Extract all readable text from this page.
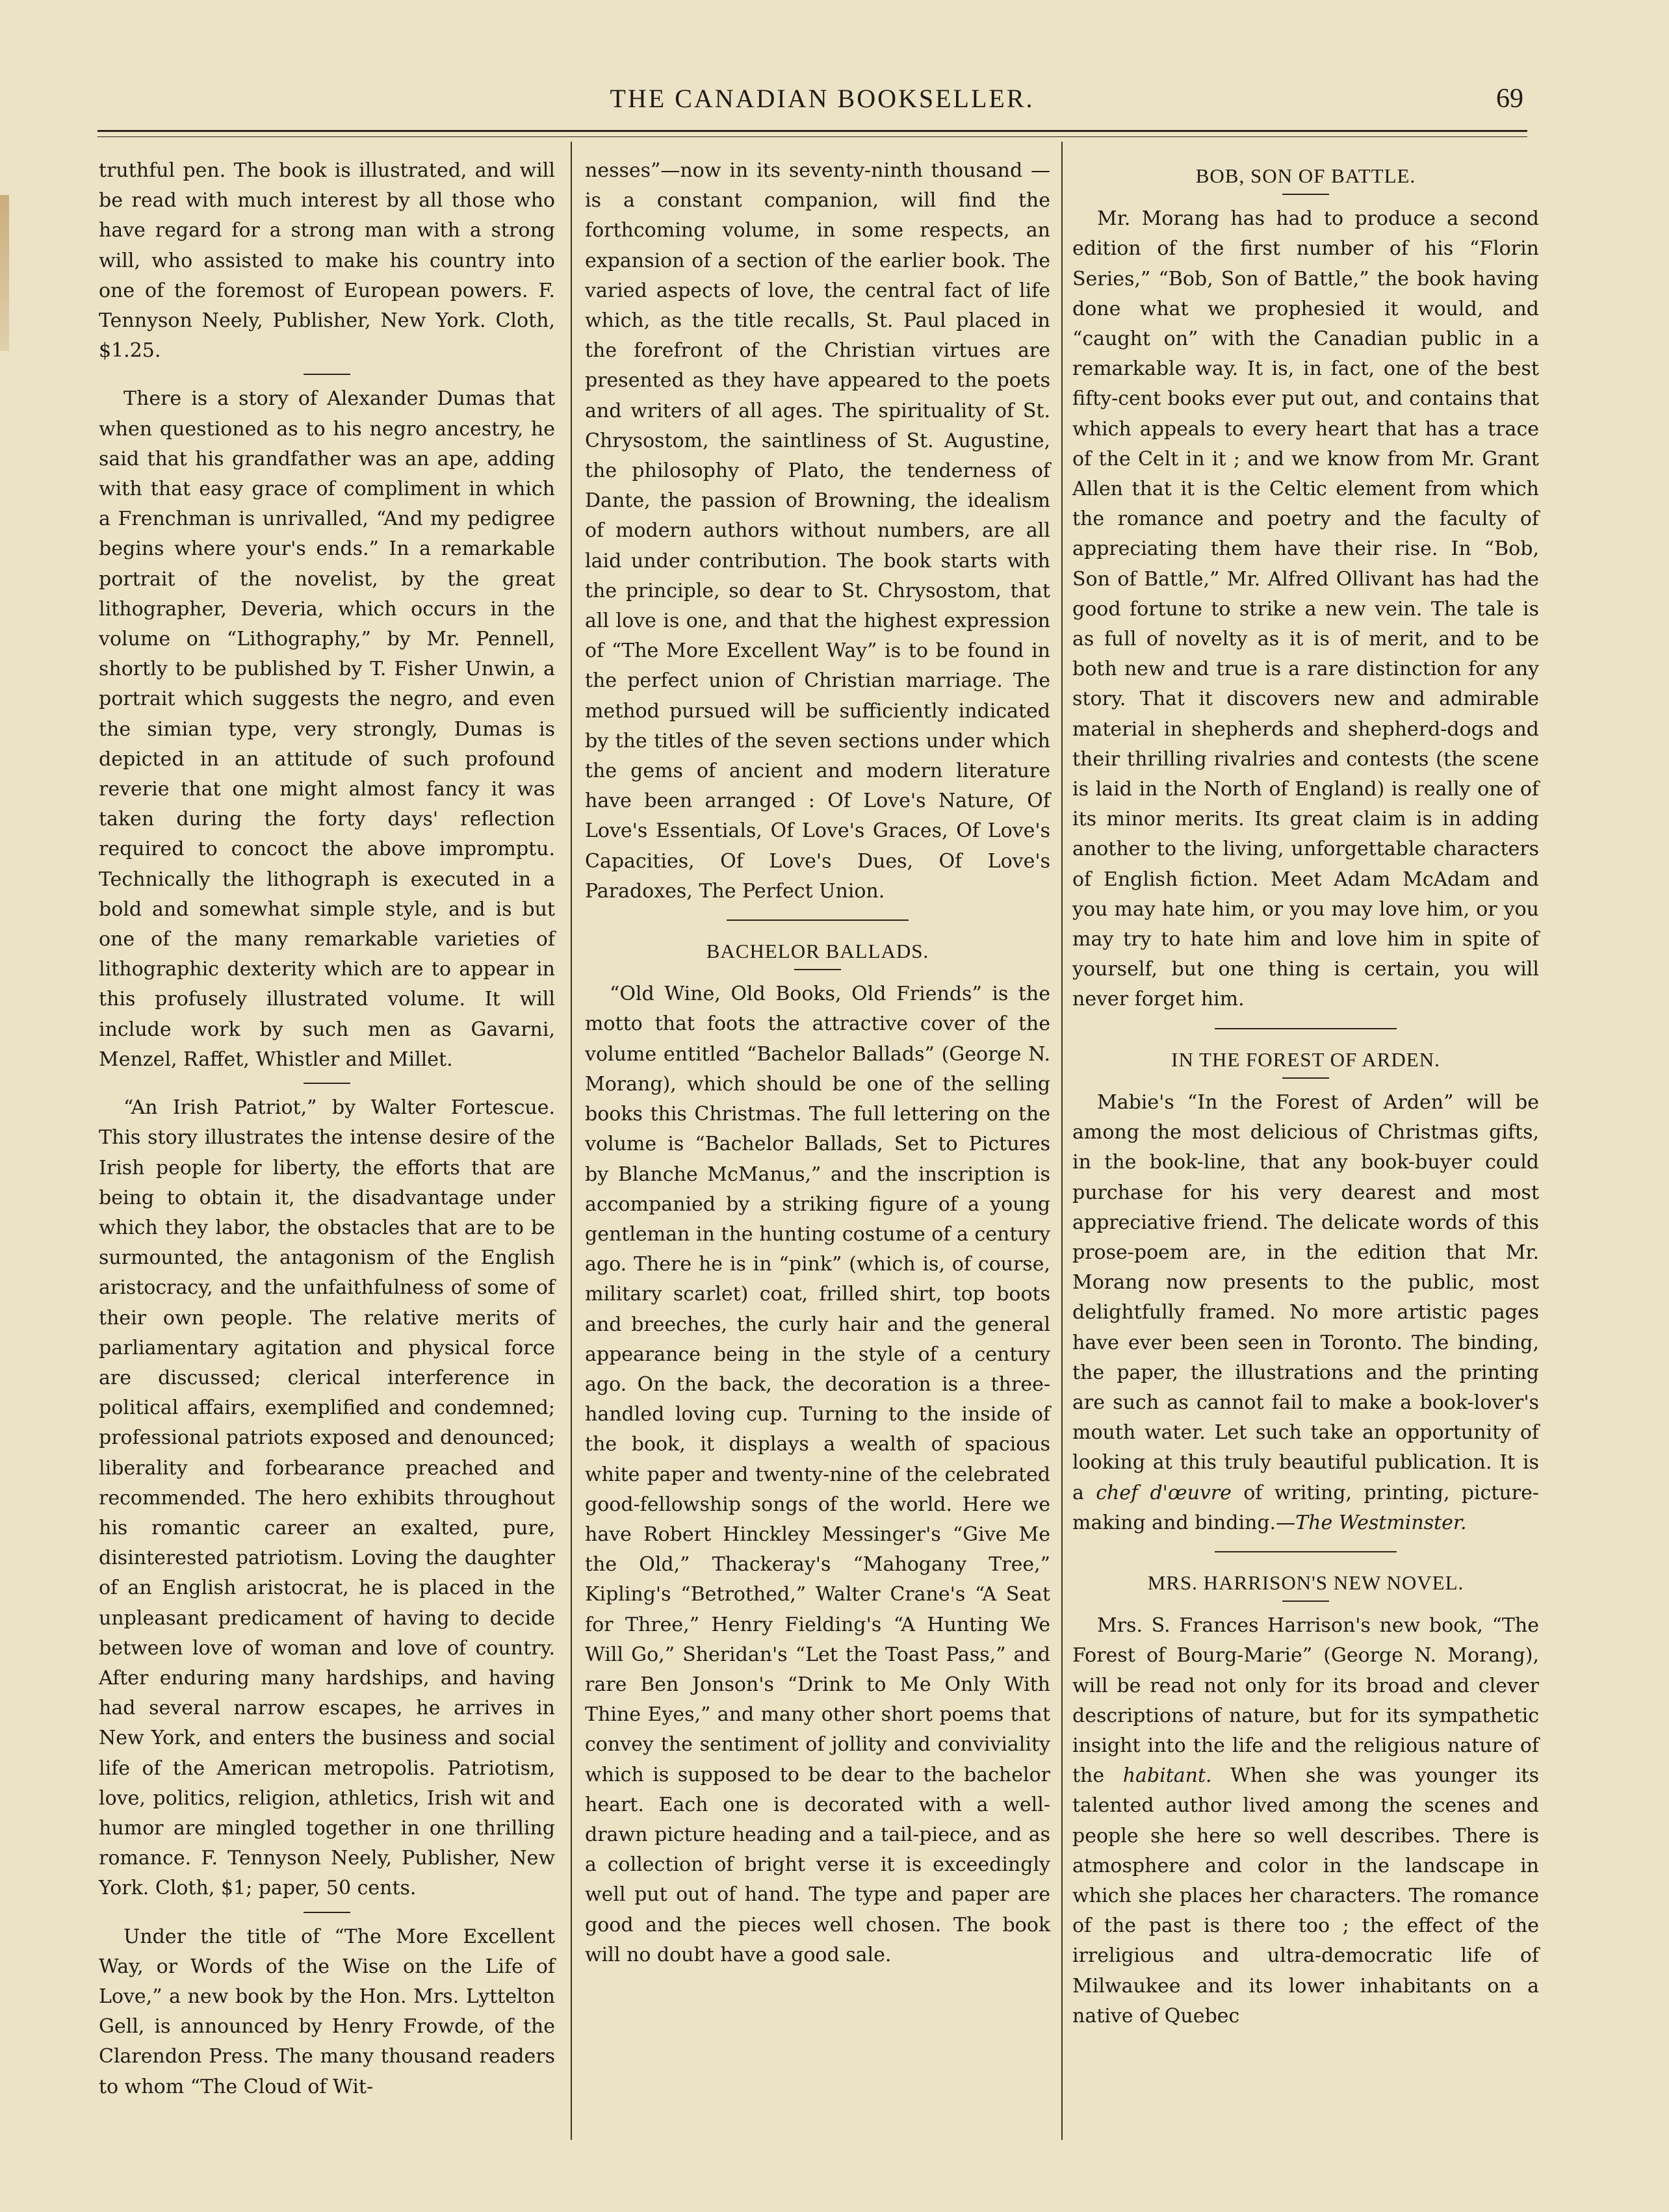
THE CANADIAN BOOKSELLER.	69

truthful pen. The book is illustrated, and will be read with much interest by all those who have regard for a strong man with a strong will, who assisted to make his country into one of the foremost of European powers. F. Tennyson Neely, Publisher, New York. Cloth, $1.25.

There is a story of Alexander Dumas that when questioned as to his negro ancestry, he said that his grandfather was an ape, adding with that easy grace of compliment in which a Frenchman is unrivalled, “And my pedigree begins where your's ends.” In a remarkable portrait of the novelist, by the great lithographer, Deveria, which occurs in the volume on “Lithography,” by Mr. Pennell, shortly to be published by T. Fisher Unwin, a portrait which suggests the negro, and even the simian type, very strongly, Dumas is depicted in an attitude of such profound reverie that one might almost fancy it was taken during the forty days' reflection required to concoct the above impromptu. Technically the lithograph is executed in a bold and somewhat simple style, and is but one of the many remarkable varieties of lithographic dexterity which are to appear in this profusely illustrated volume. It will include work by such men as Gavarni, Menzel, Raffet, Whistler and Millet.

“An Irish Patriot,” by Walter Fortescue. This story illustrates the intense desire of the Irish people for liberty, the efforts that are being to obtain it, the disadvantage under which they labor, the obstacles that are to be surmounted, the antagonism of the English aristocracy, and the unfaithfulness of some of their own people. The relative merits of parliamentary agitation and physical force are discussed; clerical interference in political affairs, exemplified and condemned; professional patriots exposed and denounced; liberality and forbearance preached and recommended. The hero exhibits throughout his romantic career an exalted, pure, disinterested patriotism. Loving the daughter of an English aristocrat, he is placed in the unpleasant predicament of having to decide between love of woman and love of country. After enduring many hardships, and having had several narrow escapes, he arrives in New York, and enters the business and social life of the American metropolis. Patriotism, love, politics, religion, athletics, Irish wit and humor are mingled together in one thrilling romance. F. Tennyson Neely, Publisher, New York. Cloth, $1; paper, 50 cents.

Under the title of “The More Excellent Way, or Words of the Wise on the Life of Love,” a new book by the Hon. Mrs. Lyttelton Gell, is announced by Henry Frowde, of the Clarendon Press. The many thousand readers to whom “The Cloud of Wit-

nesses”—now in its seventy-ninth thousand —is a constant companion, will find the forthcoming volume, in some respects, an expansion of a section of the earlier book. The varied aspects of love, the central fact of life which, as the title recalls, St. Paul placed in the forefront of the Christian virtues are presented as they have appeared to the poets and writers of all ages. The spirituality of St. Chrysostom, the saintliness of St. Augustine, the philosophy of Plato, the tenderness of Dante, the passion of Browning, the idealism of modern authors without numbers, are all laid under contribution. The book starts with the principle, so dear to St. Chrysostom, that all love is one, and that the highest expression of “The More Excellent Way” is to be found in the perfect union of Christian marriage. The method pursued will be sufficiently indicated by the titles of the seven sections under which the gems of ancient and modern literature have been arranged : Of Love's Nature, Of Love's Essentials, Of Love's Graces, Of Love's Capacities, Of Love's Dues, Of Love's Paradoxes, The Perfect Union.

BACHELOR BALLADS.

“Old Wine, Old Books, Old Friends” is the motto that foots the attractive cover of the volume entitled “Bachelor Ballads” (George N. Morang), which should be one of the selling books this Christmas. The full lettering on the volume is “Bachelor Ballads, Set to Pictures by Blanche McManus,” and the inscription is accompanied by a striking figure of a young gentleman in the hunting costume of a century ago. There he is in “pink” (which is, of course, military scarlet) coat, frilled shirt, top boots and breeches, the curly hair and the general appearance being in the style of a century ago. On the back, the decoration is a three-handled loving cup. Turning to the inside of the book, it displays a wealth of spacious white paper and twenty-nine of the celebrated good-fellowship songs of the world. Here we have Robert Hinckley Messinger's “Give Me the Old,” Thackeray's “Mahogany Tree,” Kipling's “Betrothed,” Walter Crane's “A Seat for Three,” Henry Fielding's “A Hunting We Will Go,” Sheridan's “Let the Toast Pass,” and rare Ben Jonson's “Drink to Me Only With Thine Eyes,” and many other short poems that convey the sentiment of jollity and conviviality which is supposed to be dear to the bachelor heart. Each one is decorated with a well-drawn picture heading and a tail-piece, and as a collection of bright verse it is exceedingly well put out of hand. The type and paper are good and the pieces well chosen. The book will no doubt have a good sale.

BOB, SON OF BATTLE.

Mr. Morang has had to produce a second edition of the first number of his “Florin Series,” “Bob, Son of Battle,” the book having done what we prophesied it would, and “caught on” with the Canadian public in a remarkable way. It is, in fact, one of the best fifty-cent books ever put out, and contains that which appeals to every heart that has a trace of the Celt in it ; and we know from Mr. Grant Allen that it is the Celtic element from which the romance and poetry and the faculty of appreciating them have their rise. In “Bob, Son of Battle,” Mr. Alfred Ollivant has had the good fortune to strike a new vein. The tale is as full of novelty as it is of merit, and to be both new and true is a rare distinction for any story. That it discovers new and admirable material in shepherds and shepherd-dogs and their thrilling rivalries and contests (the scene is laid in the North of England) is really one of its minor merits. Its great claim is in adding another to the living, unforgettable characters of English fiction. Meet Adam McAdam and you may hate him, or you may love him, or you may try to hate him and love him in spite of yourself, but one thing is certain, you will never forget him.

IN THE FOREST OF ARDEN.

Mabie's “In the Forest of Arden” will be among the most delicious of Christmas gifts, in the book-line, that any book-buyer could purchase for his very dearest and most appreciative friend. The delicate words of this prose-poem are, in the edition that Mr. Morang now presents to the public, most delightfully framed. No more artistic pages have ever been seen in Toronto. The binding, the paper, the illustrations and the printing are such as cannot fail to make a book-lover's mouth water. Let such take an opportunity of looking at this truly beautiful publication. It is a chef d'œuvre of writing, printing, picture-making and binding.—The Westminster.

MRS. HARRISON'S NEW NOVEL.

Mrs. S. Frances Harrison's new book, “The Forest of Bourg-Marie” (George N. Morang), will be read not only for its broad and clever descriptions of nature, but for its sympathetic insight into the life and the religious nature of the habitant. When she was younger its talented author lived among the scenes and people she here so well describes. There is atmosphere and color in the landscape in which she places her characters. The romance of the past is there too ; the effect of the irreligious and ultra-democratic life of Milwaukee and its lower inhabitants on a native of Quebec
